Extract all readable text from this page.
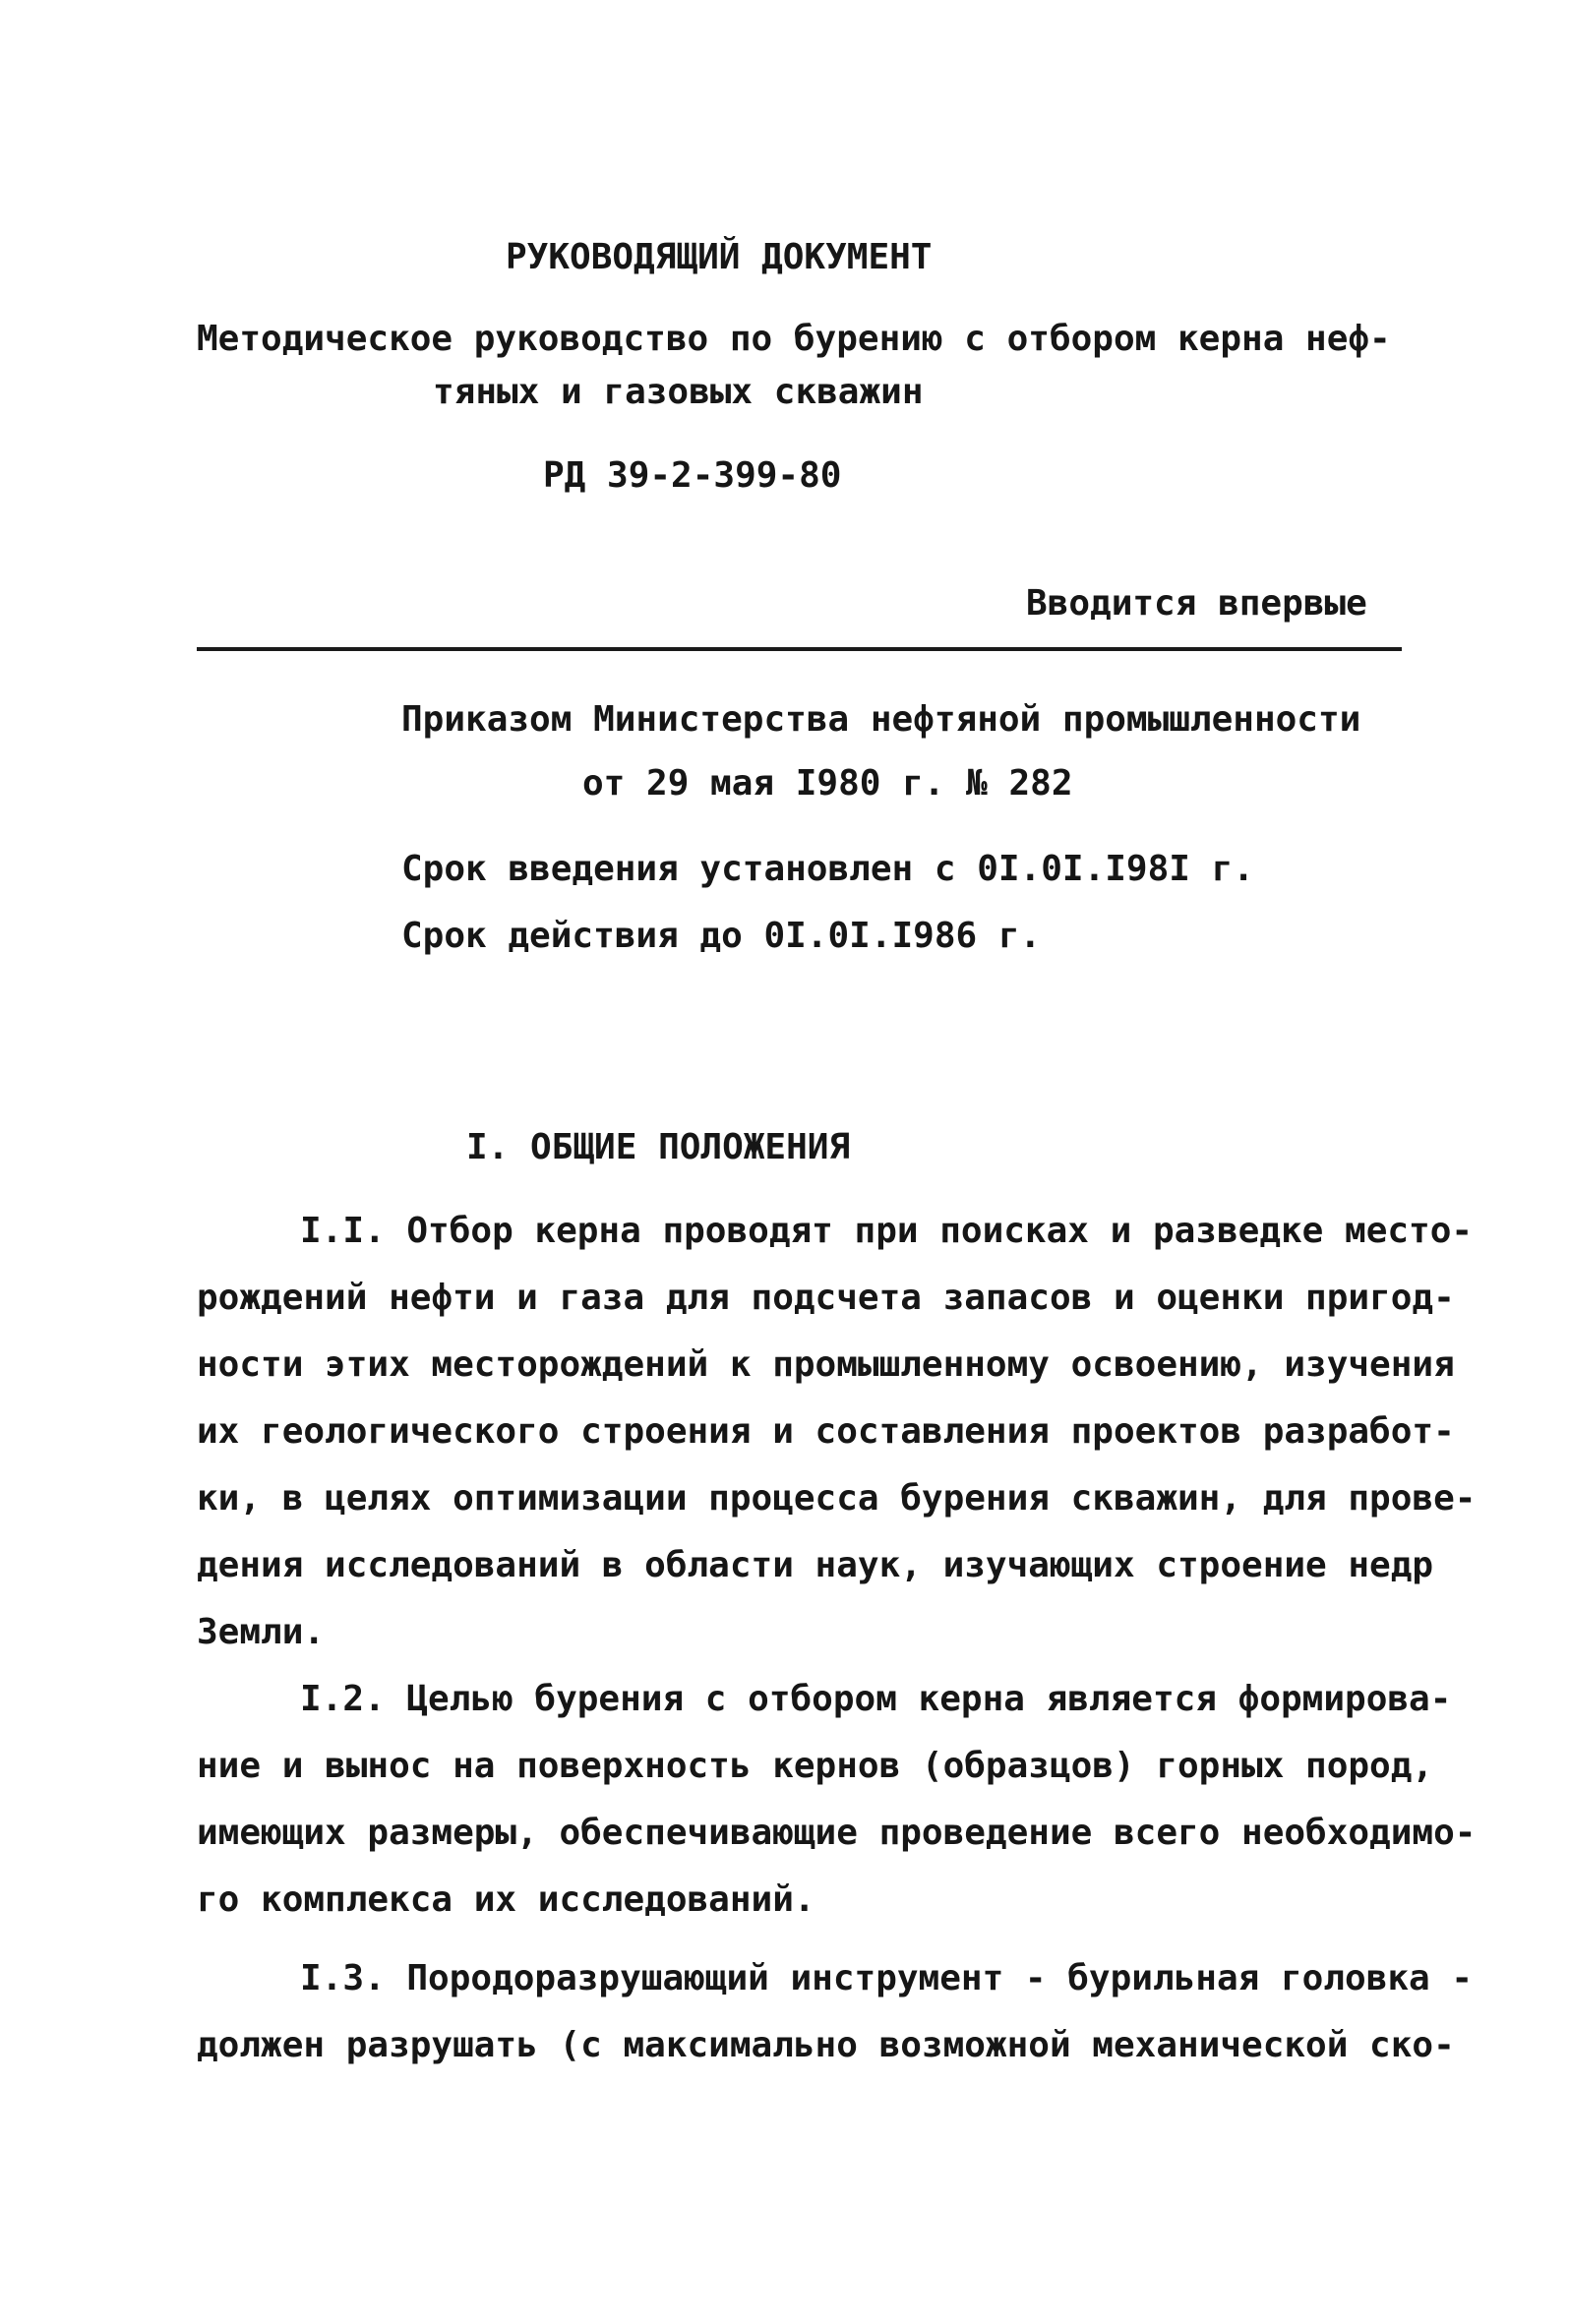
РУКОВОДЯЩИЙ ДОКУМЕНТ
Методическое руководство по бурению с отбором керна неф-
тяных и газовых скважин
РД 39-2-399-80
Вводится впервые
Приказом Министерства нефтяной промышленности
от 29 мая I980 г. № 282
Срок введения установлен с 0I.0I.I98I г.
Срок действия до 0I.0I.I986 г.
I. ОБЩИЕ ПОЛОЖЕНИЯ
I.I. Отбор керна проводят при поисках и разведке место-
рождений нефти и газа для подсчета запасов и оценки пригод-
ности этих месторождений к промышленному освоению, изучения
их геологического строения и составления проектов разработ-
ки, в целях оптимизации процесса бурения скважин, для прове-
дения исследований в области наук, изучающих строение недр
Земли.
I.2. Целью бурения с отбором керна является формирова-
ние и вынос на поверхность кернов (образцов) горных пород,
имеющих размеры, обеспечивающие проведение всего необходимо-
го комплекса их исследований.
I.3. Породоразрушающий инструмент - бурильная головка -
должен разрушать (с максимально возможной механической ско-
